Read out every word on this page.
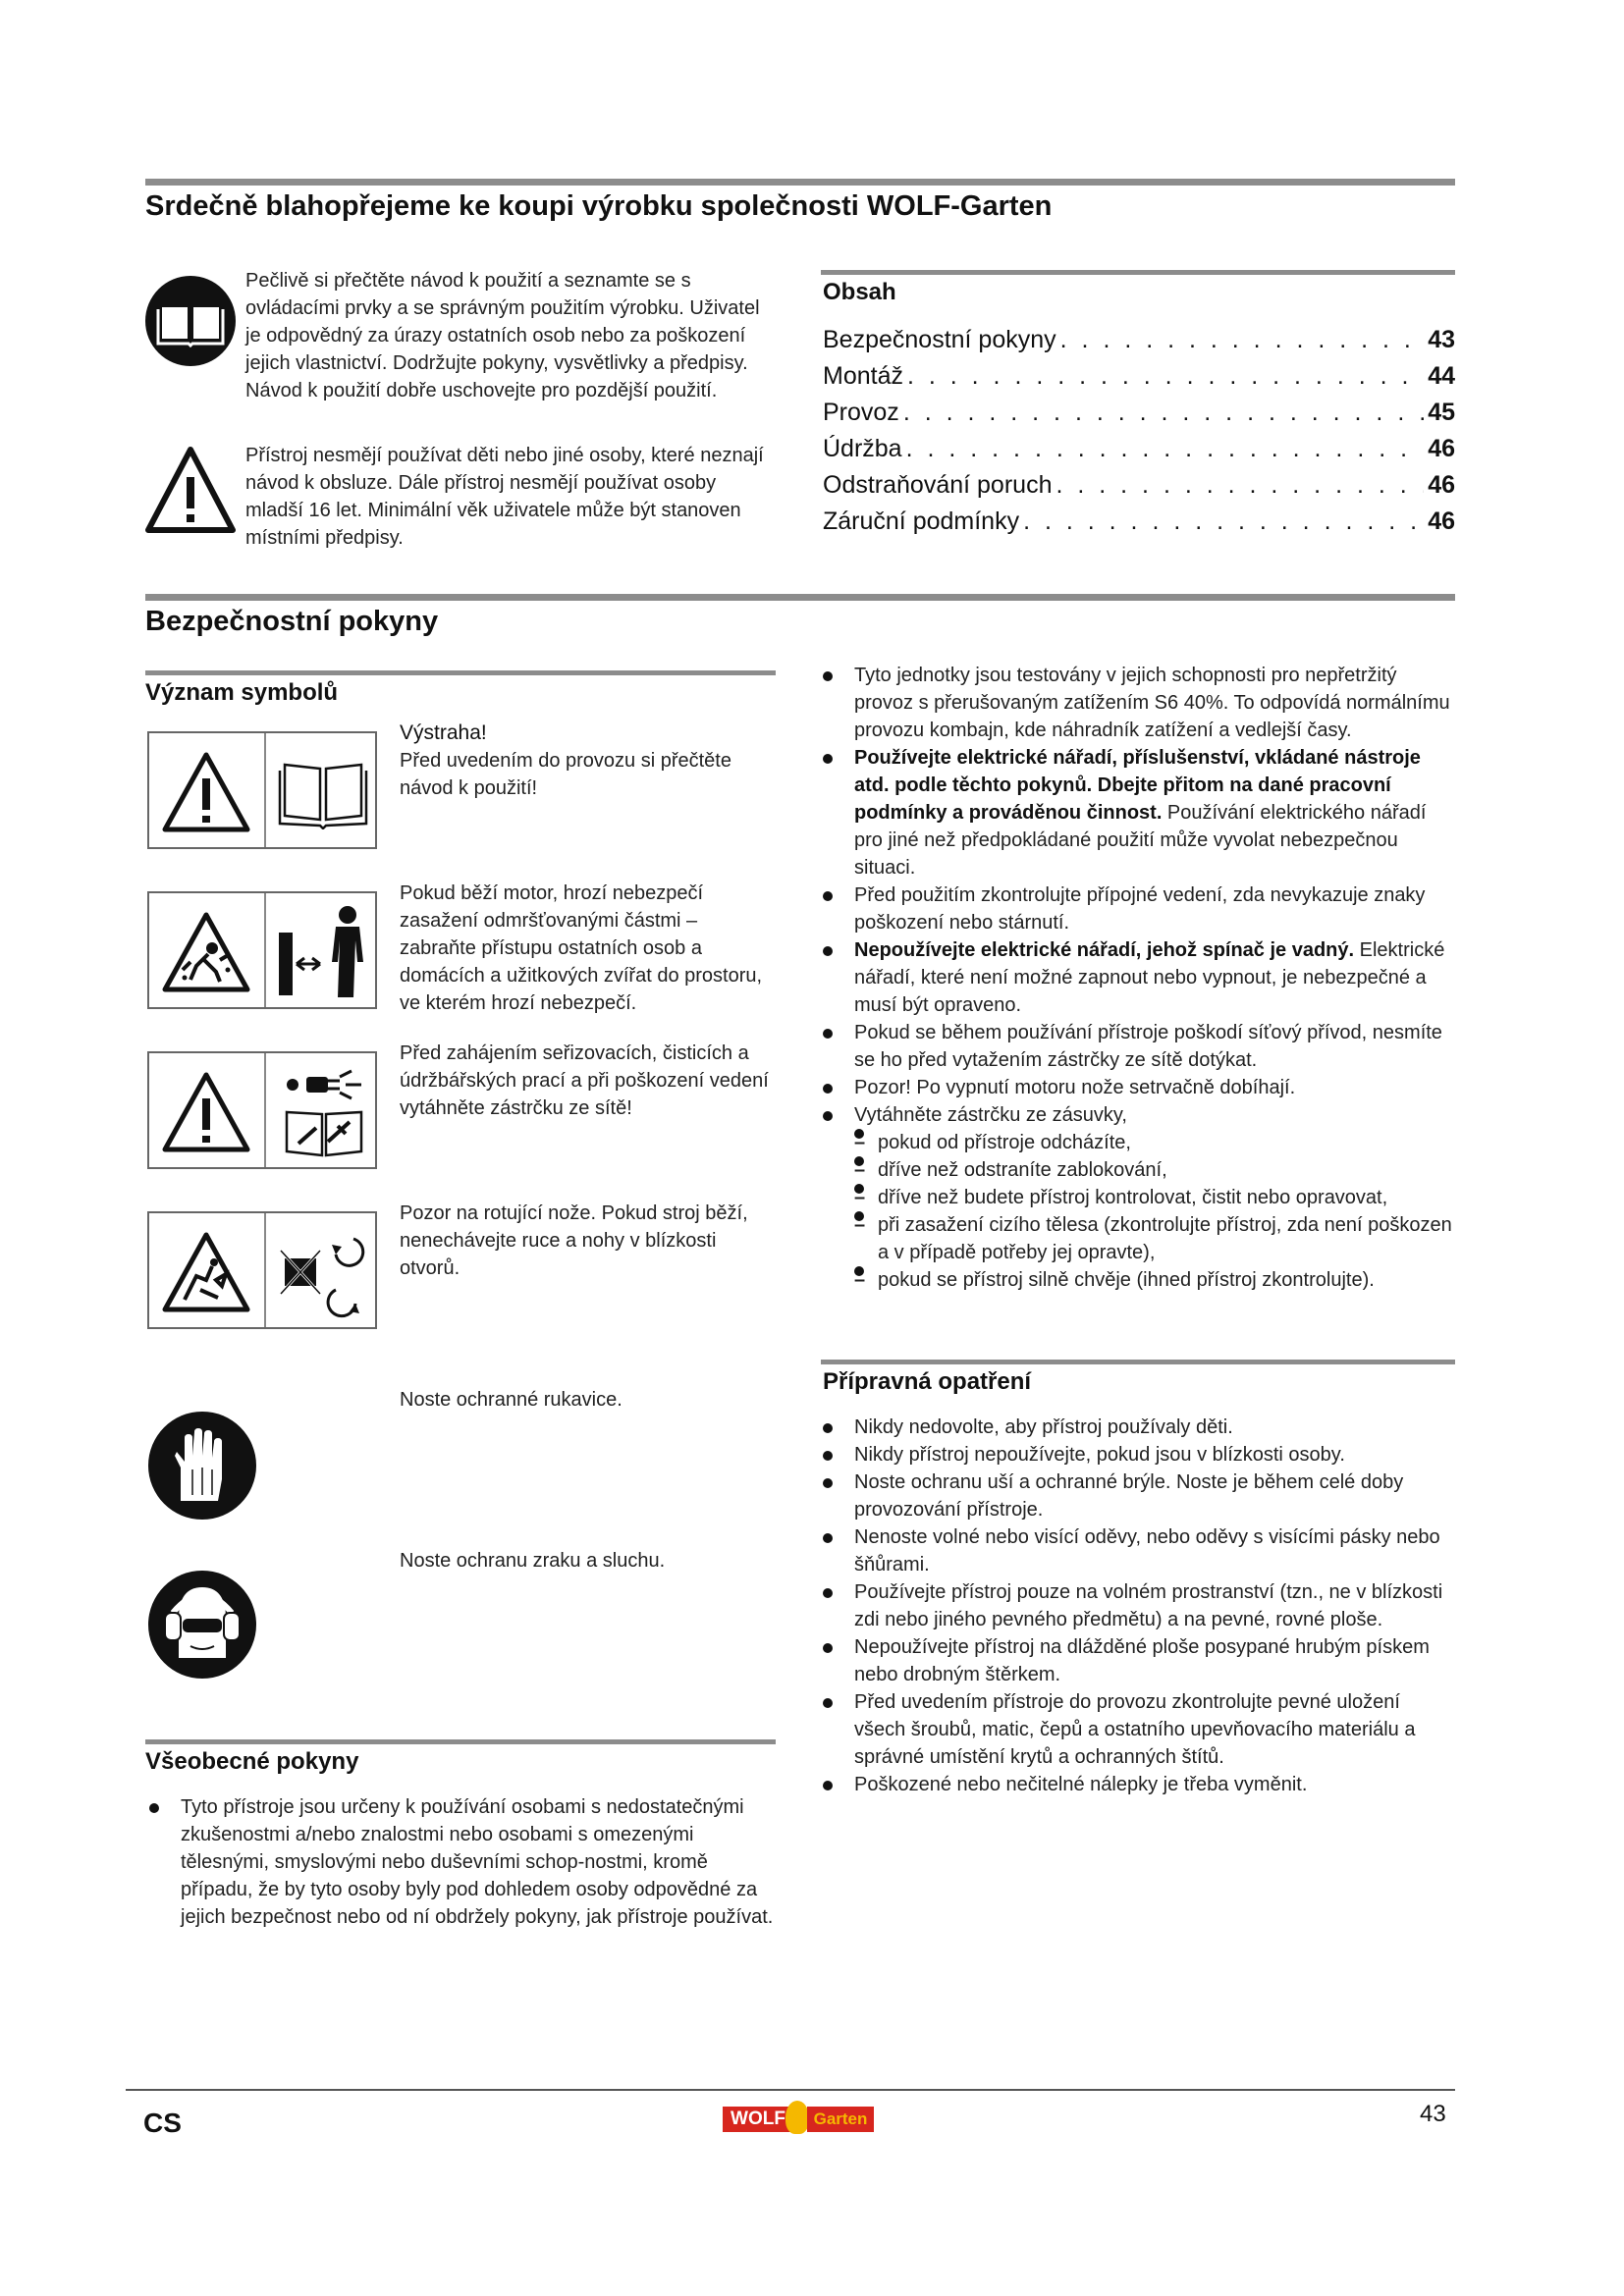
Srdečně blahopřejeme ke koupi výrobku společnosti WOLF-Garten
Pečlivě si přečtěte návod k použití a seznamte se s ovládacími prvky a se správným použitím výrobku. Uživatel je odpovědný za úrazy ostatních osob nebo za poškození jejich vlastnictví. Dodržujte pokyny, vysvětlivky a předpisy. Návod k použití dobře uschovejte pro pozdější použití.
Přístroj nesmějí používat děti nebo jiné osoby, které neznají návod k obsluze. Dále přístroj nesmějí používat osoby mladší 16 let. Minimální věk uživatele může být stanoven místními předpisy.
Obsah
Bezpečnostní pokyny . . .	43
Montáž . . .	44
Provoz . . .	45
Údržba . . .	46
Odstraňování poruch . . .	46
Záruční podmínky . . .	46
Bezpečnostní pokyny
Význam symbolů
Výstraha!
Před uvedením do provozu si přečtěte návod k použití!
Pokud běží motor, hrozí nebezpečí zasažení odmršťovanými částmi – zabraňte přístupu ostatních osob a domácích a užitkových zvířat do prostoru, ve kterém hrozí nebezpečí.
Před zahájením seřizovacích, čisticích a údržbářských prací a při poškození vedení vytáhněte zástrčku ze sítě!
Pozor na rotující nože. Pokud stroj běží, nenechávejte ruce a nohy v blízkosti otvorů.
Noste ochranné rukavice.
Noste ochranu zraku a sluchu.
Všeobecné pokyny
Tyto přístroje jsou určeny k používání osobami s nedostatečnými zkušenostmi a/nebo znalostmi nebo osobami s omezenými tělesnými, smyslovými nebo duševními schop-nostmi, kromě případu, že by tyto osoby byly pod dohledem osoby odpovědné za jejich bezpečnost nebo od ní obdržely pokyny, jak přístroje používat.
Tyto jednotky jsou testovány v jejich schopnosti pro nepřetržitý provoz s přerušovaným zatížením S6 40%. To odpovídá normálnímu provozu kombajn, kde náhradník zatížení a vedlejší časy.
Používejte elektrické nářadí, příslušenství, vkládané nástroje atd. podle těchto pokynů. Dbejte přitom na dané pracovní podmínky a prováděnou činnost. Používání elektrického nářadí pro jiné než předpokládané použití může vyvolat nebezpečnou situaci.
Před použitím zkontrolujte přípojné vedení, zda nevykazuje znaky poškození nebo stárnutí.
Nepoužívejte elektrické nářadí, jehož spínač je vadný. Elektrické nářadí, které není možné zapnout nebo vypnout, je nebezpečné a musí být opraveno.
Pokud se během používání přístroje poškodí síťový přívod, nesmíte se ho před vytažením zástrčky ze sítě dotýkat.
Pozor! Po vypnutí motoru nože setrvačně dobíhají.
Vytáhněte zástrčku ze zásuvky,
– pokud od přístroje odcházíte,
– dříve než odstraníte zablokování,
– dříve než budete přístroj kontrolovat, čistit nebo opravovat,
– při zasažení cizího tělesa (zkontrolujte přístroj, zda není poškozen a v případě potřeby jej opravte),
– pokud se přístroj silně chvěje (ihned přístroj zkontrolujte).
Přípravná opatření
Nikdy nedovolte, aby přístroj používaly děti.
Nikdy přístroj nepoužívejte, pokud jsou v blízkosti osoby.
Noste ochranu uší a ochranné brýle. Noste je během celé doby provozování přístroje.
Nenoste volné nebo visící oděvy, nebo oděvy s visícími pásky nebo šňůrami.
Používejte přístroj pouze na volném prostranství (tzn., ne v blízkosti zdi nebo jiného pevného předmětu) a na pevné, rovné ploše.
Nepoužívejte přístroj na dlážděné ploše posypané hrubým pískem nebo drobným štěrkem.
Před uvedením přístroje do provozu zkontrolujte pevné uložení všech šroubů, matic, čepů a ostatního upevňovacího materiálu a správné umístění krytů a ochranných štítů.
Poškozené nebo nečitelné nálepky je třeba vyměnit.
CS	WOLF	Garten	43
